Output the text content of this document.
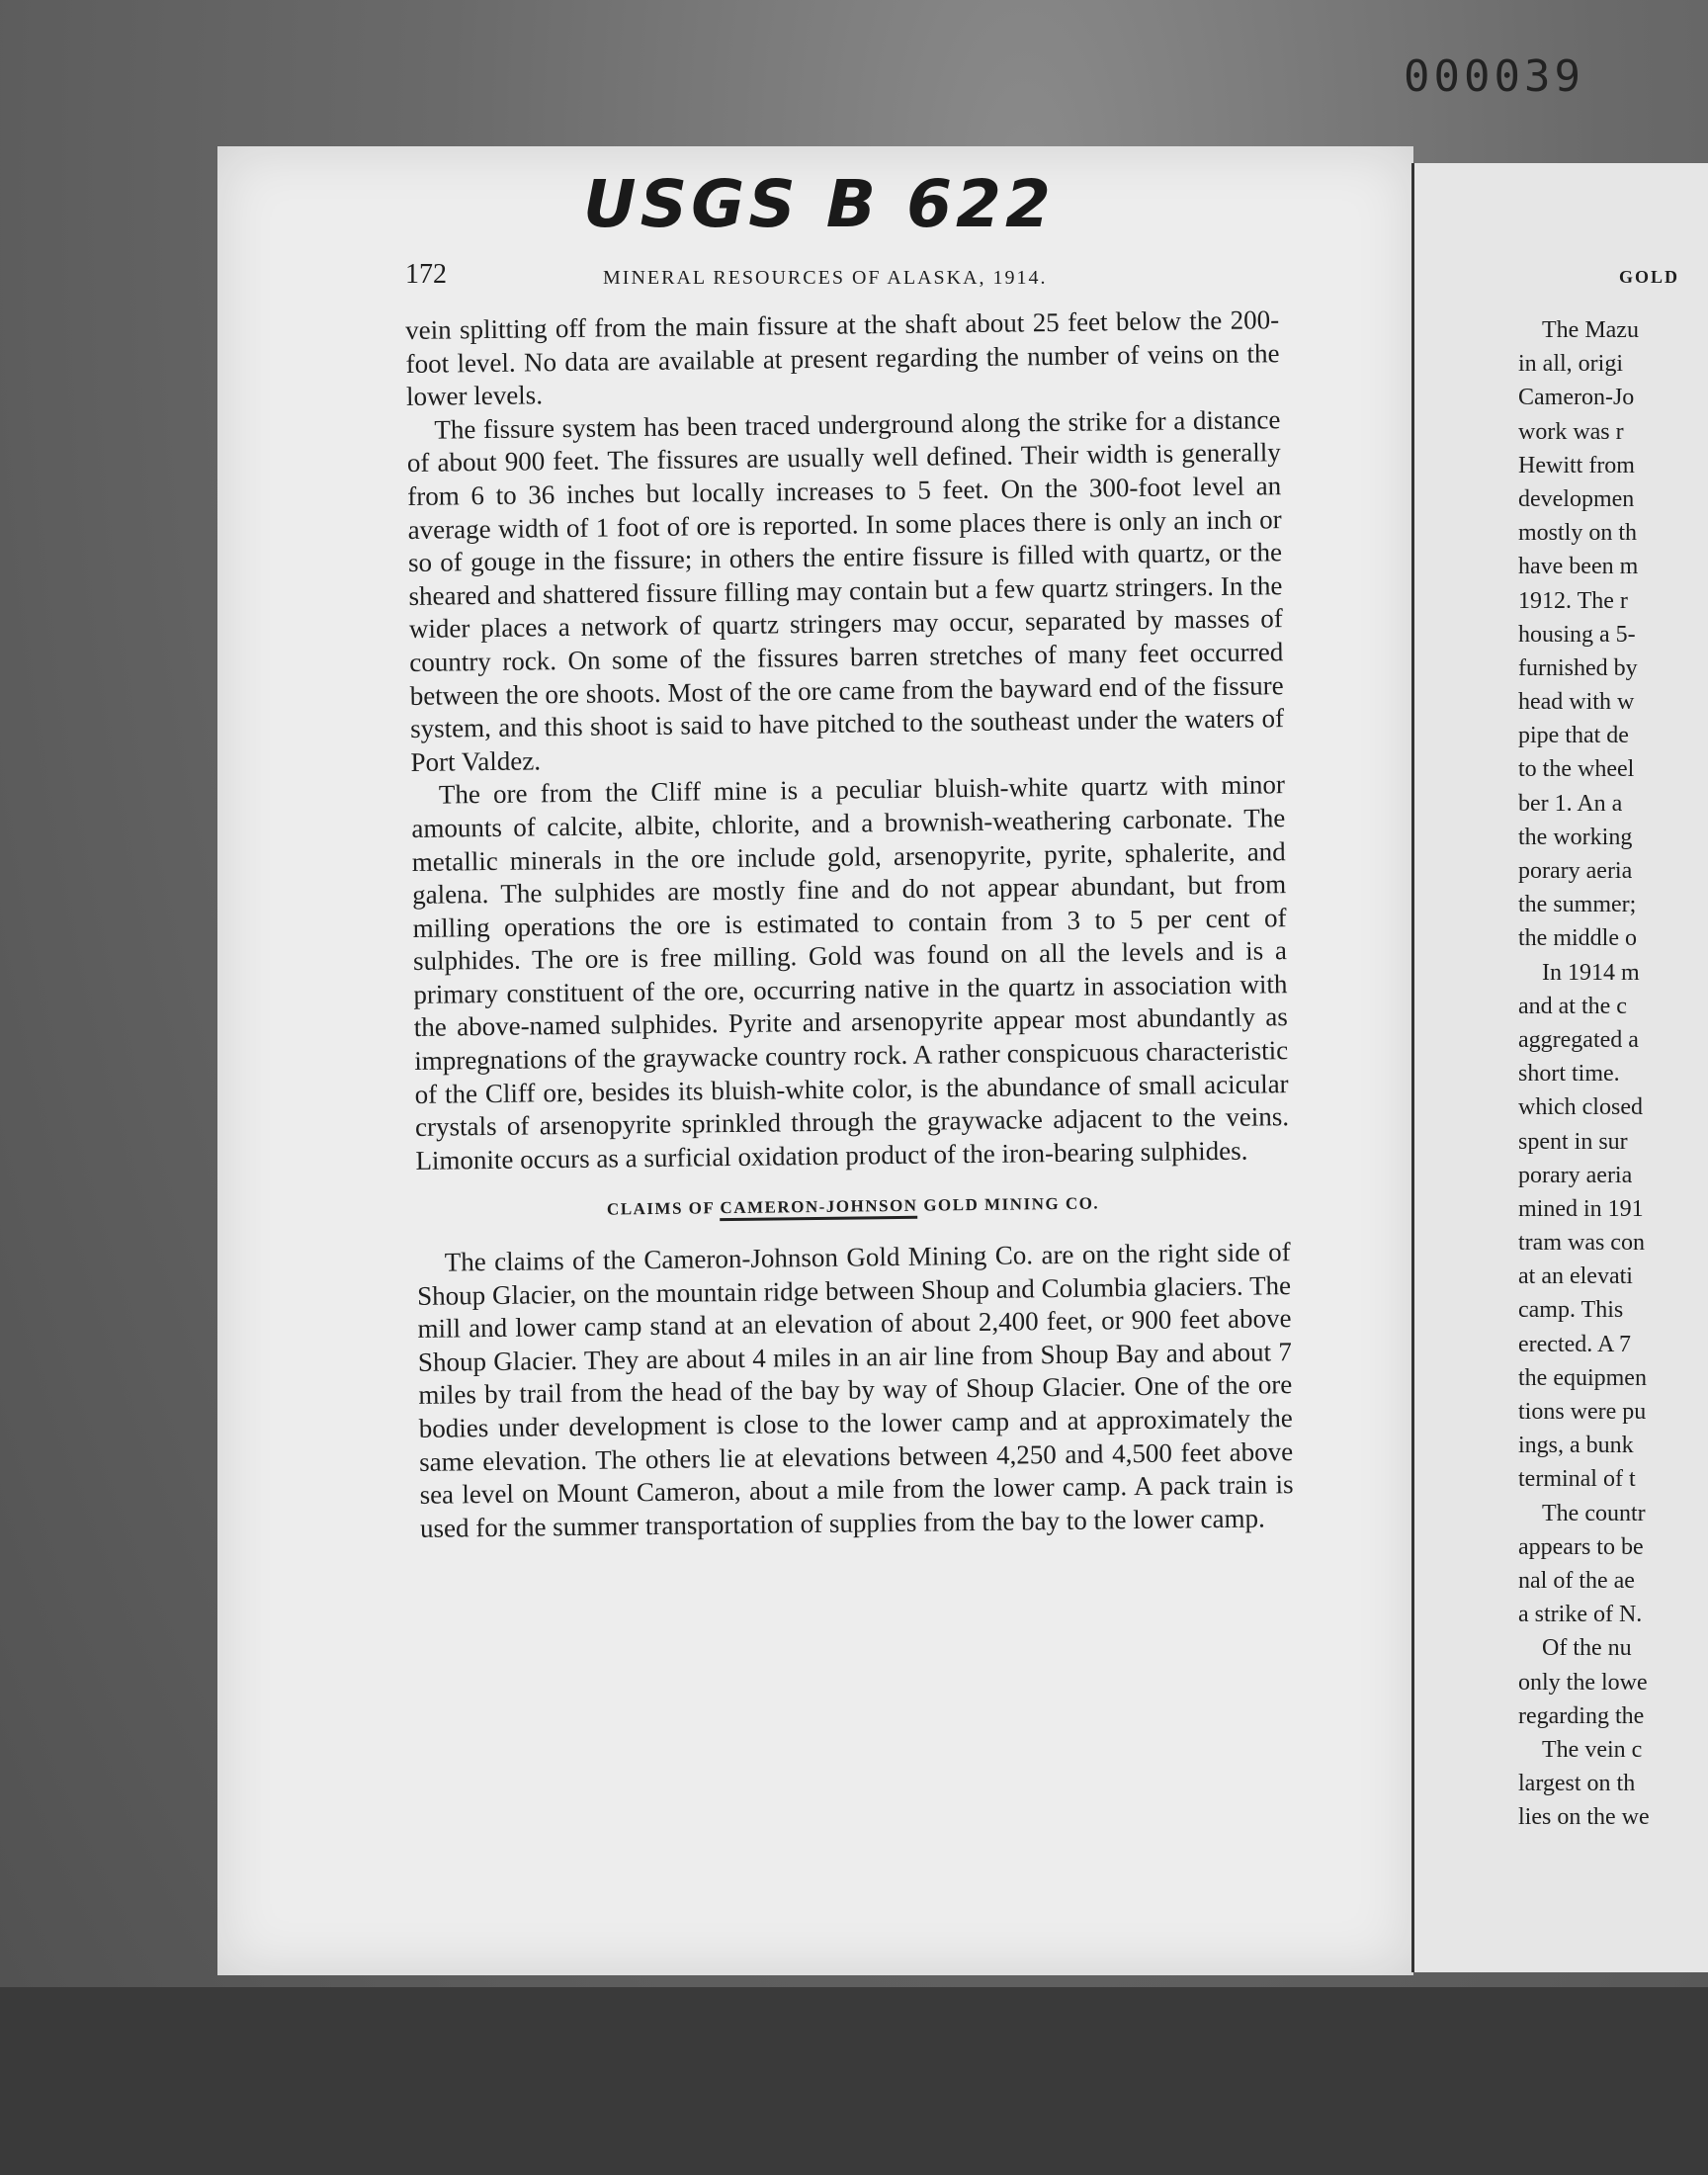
000039
GOLD
 The Mazu
in all, origi
Cameron-Jo
work was r
Hewitt from
developmen
mostly on th
have been m
1912. The r
housing a 5-
furnished by
head with w
pipe that de
to the wheel
ber 1. An a
the working
porary aeria
the summer;
the middle o
 In 1914 m
and at the c
aggregated a
short time.
which closed
spent in sur
porary aeria
mined in 191
tram was con
at an elevati
camp. This
erected. A 7
the equipmen
tions were pu
ings, a bunk
terminal of t
 The countr
appears to be
nal of the ae
a strike of N.
 Of the nu
only the lowe
regarding the
 The vein c
largest on th
lies on the we
USGS B 622
172	MINERAL RESOURCES OF ALASKA, 1914.

vein splitting off from the main fissure at the shaft about 25 feet below the 200-foot level. No data are available at present regarding the number of veins on the lower levels.

The fissure system has been traced underground along the strike for a distance of about 900 feet. The fissures are usually well defined. Their width is generally from 6 to 36 inches but locally increases to 5 feet. On the 300-foot level an average width of 1 foot of ore is reported. In some places there is only an inch or so of gouge in the fissure; in others the entire fissure is filled with quartz, or the sheared and shattered fissure filling may contain but a few quartz stringers. In the wider places a network of quartz stringers may occur, separated by masses of country rock. On some of the fissures barren stretches of many feet occurred between the ore shoots. Most of the ore came from the bayward end of the fissure system, and this shoot is said to have pitched to the southeast under the waters of Port Valdez.

The ore from the Cliff mine is a peculiar bluish-white quartz with minor amounts of calcite, albite, chlorite, and a brownish-weathering carbonate. The metallic minerals in the ore include gold, arsenopyrite, pyrite, sphalerite, and galena. The sulphides are mostly fine and do not appear abundant, but from milling operations the ore is estimated to contain from 3 to 5 per cent of sulphides. The ore is free milling. Gold was found on all the levels and is a primary constituent of the ore, occurring native in the quartz in association with the above-named sulphides. Pyrite and arsenopyrite appear most abundantly as impregnations of the graywacke country rock. A rather conspicuous characteristic of the Cliff ore, besides its bluish-white color, is the abundance of small acicular crystals of arsenopyrite sprinkled through the graywacke adjacent to the veins. Limonite occurs as a surficial oxidation product of the iron-bearing sulphides.

CLAIMS OF CAMERON-JOHNSON GOLD MINING CO.

The claims of the Cameron-Johnson Gold Mining Co. are on the right side of Shoup Glacier, on the mountain ridge between Shoup and Columbia glaciers. The mill and lower camp stand at an elevation of about 2,400 feet, or 900 feet above Shoup Glacier. They are about 4 miles in an air line from Shoup Bay and about 7 miles by trail from the head of the bay by way of Shoup Glacier. One of the ore bodies under development is close to the lower camp and at approximately the same elevation. The others lie at elevations between 4,250 and 4,500 feet above sea level on Mount Cameron, about a mile from the lower camp. A pack train is used for the summer transportation of supplies from the bay to the lower camp.
